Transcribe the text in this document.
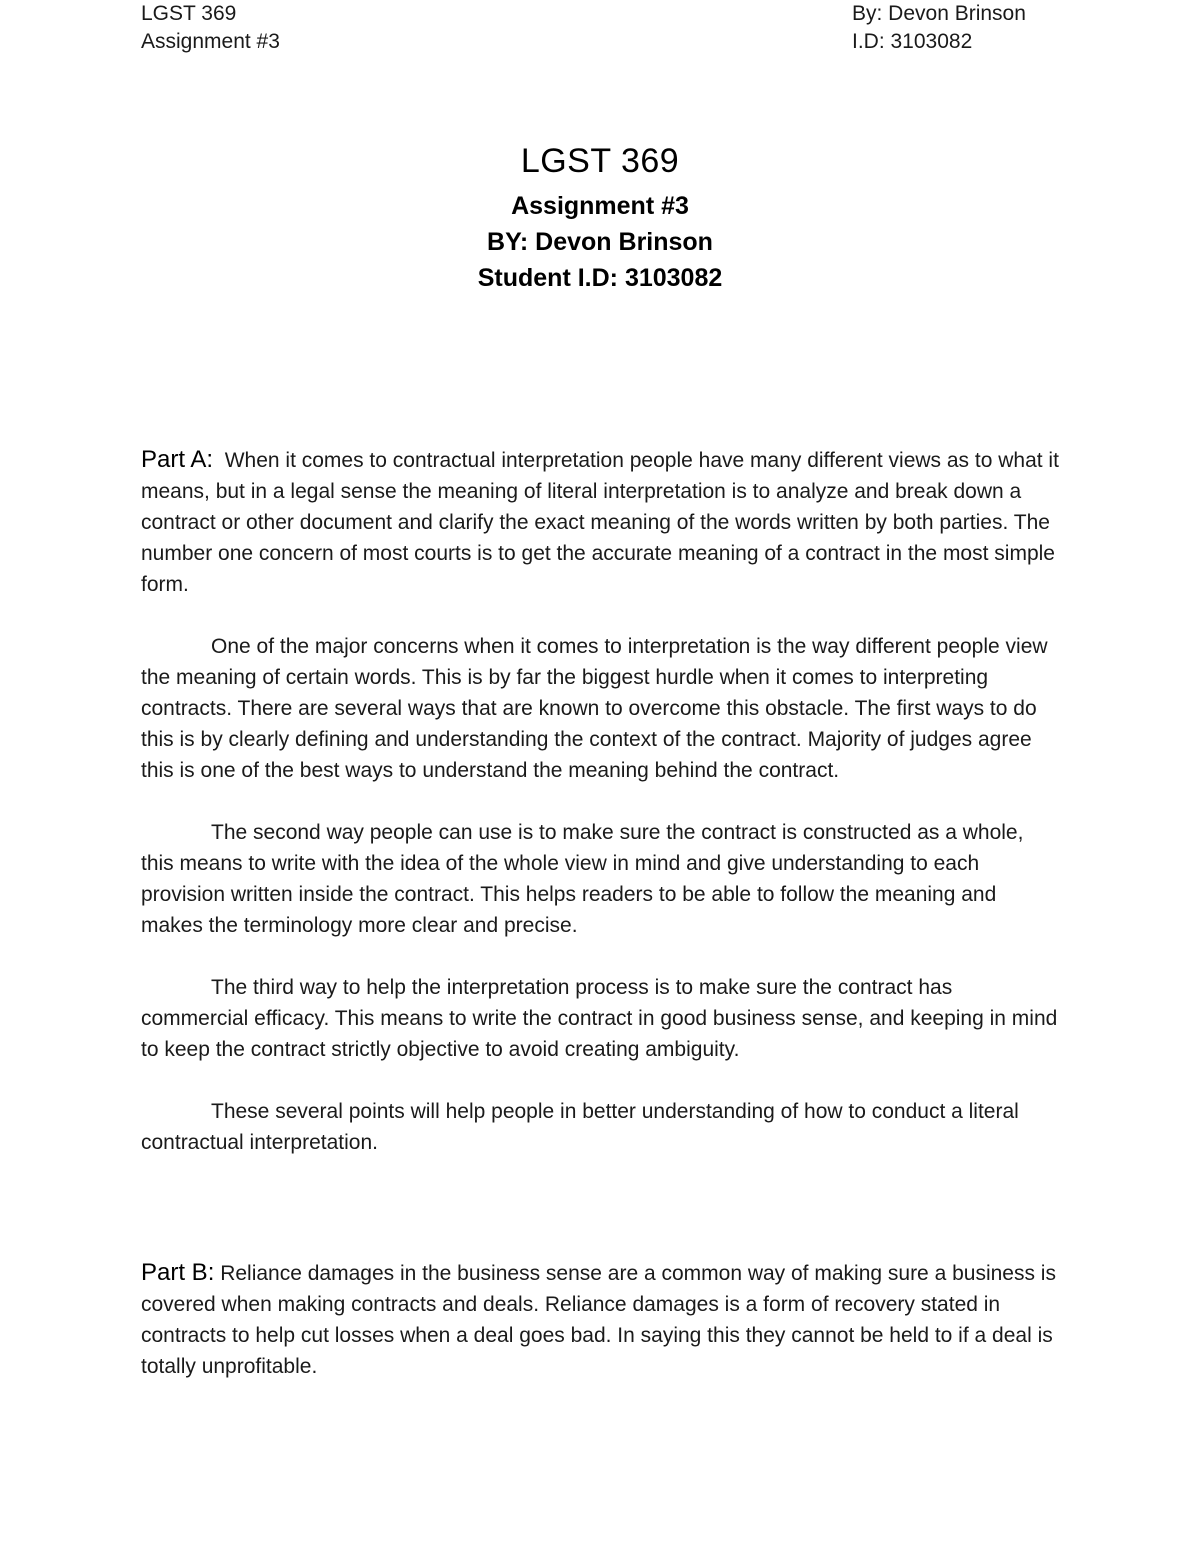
LGST 369
Assignment #3
By: Devon Brinson
I.D: 3103082
LGST 369

Assignment #3

BY: Devon Brinson

Student I.D: 3103082

Part A: When it comes to contractual interpretation people have many different views as to what it means, but in a legal sense the meaning of literal interpretation is to analyze and break down a contract or other document and clarify the exact meaning of the words written by both parties. The number one concern of most courts is to get the accurate meaning of a contract in the most simple form.

One of the major concerns when it comes to interpretation is the way different people view the meaning of certain words. This is by far the biggest hurdle when it comes to interpreting contracts. There are several ways that are known to overcome this obstacle. The first ways to do this is by clearly defining and understanding the context of the contract. Majority of judges agree this is one of the best ways to understand the meaning behind the contract.

The second way people can use is to make sure the contract is constructed as a whole, this means to write with the idea of the whole view in mind and give understanding to each provision written inside the contract. This helps readers to be able to follow the meaning and makes the terminology more clear and precise.

The third way to help the interpretation process is to make sure the contract has commercial efficacy. This means to write the contract in good business sense, and keeping in mind to keep the contract strictly objective to avoid creating ambiguity.

These several points will help people in better understanding of how to conduct a literal contractual interpretation.

Part B: Reliance damages in the business sense are a common way of making sure a business is covered when making contracts and deals. Reliance damages is a form of recovery stated in contracts to help cut losses when a deal goes bad. In saying this they cannot be held to if a deal is totally unprofitable.
